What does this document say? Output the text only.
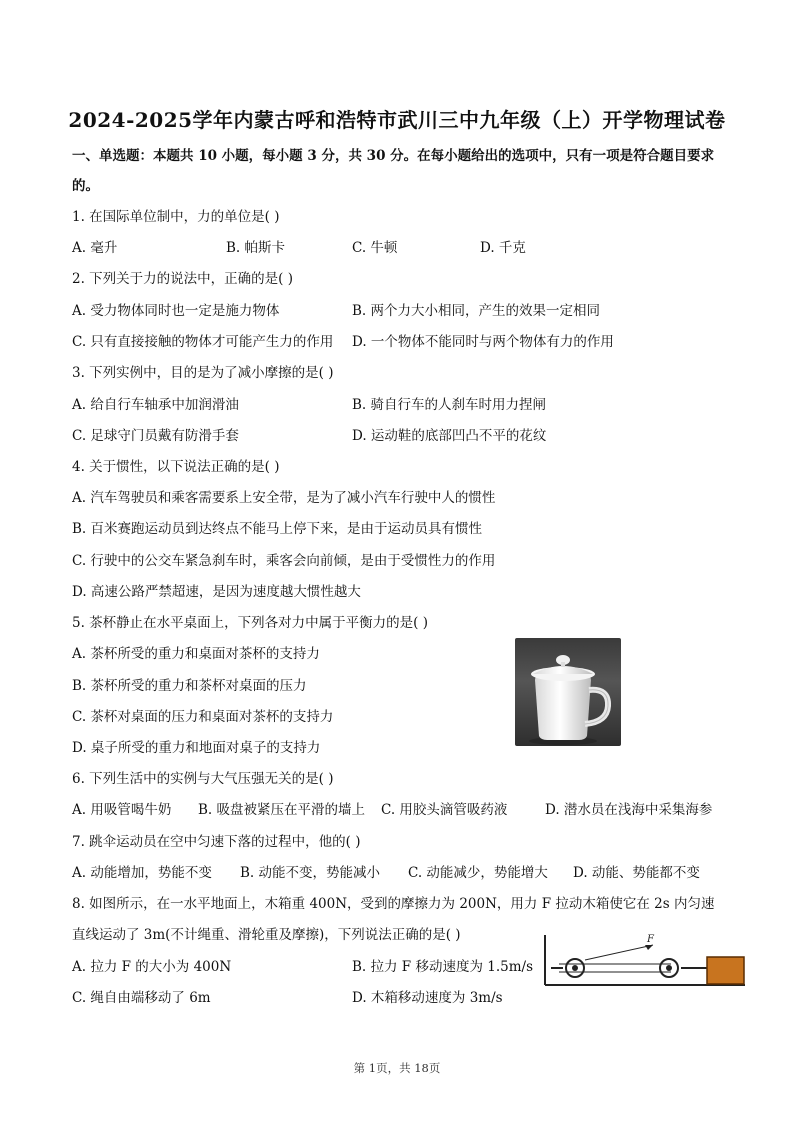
2024-2025学年内蒙古呼和浩特市武川三中九年级（上）开学物理试卷
一、单选题：本题共 10 小题，每小题 3 分，共 30 分。在每小题给出的选项中，只有一项是符合题目要求
的。
1. 在国际单位制中，力的单位是( )
A. 毫升	B. 帕斯卡	C. 牛顿	D. 千克
2. 下列关于力的说法中，正确的是( )
A. 受力物体同时也一定是施力物体	B. 两个力大小相同，产生的效果一定相同
C. 只有直接接触的物体才可能产生力的作用 D. 一个物体不能同时与两个物体有力的作用
3. 下列实例中，目的是为了减小摩擦的是( )
A. 给自行车轴承中加润滑油	B. 骑自行车的人刹车时用力捏闸
C. 足球守门员戴有防滑手套	D. 运动鞋的底部凹凸不平的花纹
4. 关于惯性，以下说法正确的是( )
A. 汽车驾驶员和乘客需要系上安全带，是为了减小汽车行驶中人的惯性
B. 百米赛跑运动员到达终点不能马上停下来，是由于运动员具有惯性
C. 行驶中的公交车紧急刹车时，乘客会向前倾，是由于受惯性力的作用
D. 高速公路严禁超速，是因为速度越大惯性越大
5. 茶杯静止在水平桌面上，下列各对力中属于平衡力的是( )
A. 茶杯所受的重力和桌面对茶杯的支持力
B. 茶杯所受的重力和茶杯对桌面的压力
C. 茶杯对桌面的压力和桌面对茶杯的支持力
D. 桌子所受的重力和地面对桌子的支持力
6. 下列生活中的实例与大气压强无关的是( )
A. 用吸管喝牛奶 B. 吸盘被紧压在平滑的墙上 C. 用胶头滴管吸药液	D. 潜水员在浅海中采集海参
7. 跳伞运动员在空中匀速下落的过程中，他的( )
A. 动能增加，势能不变 B. 动能不变，势能减小 C. 动能减少，势能增大 D. 动能、势能都不变
8. 如图所示，在一水平地面上，木箱重 400N，受到的摩擦力为 200N，用力 F 拉动木箱使它在 2s 内匀速
直线运动了 3m(不计绳重、滑轮重及摩擦)，下列说法正确的是( )
A. 拉力 F 的大小为 400N	B. 拉力 F 移动速度为 1.5m/s
C. 绳自由端移动了 6m	D. 木箱移动速度为 3m/s
F
第 1页，共 18页
